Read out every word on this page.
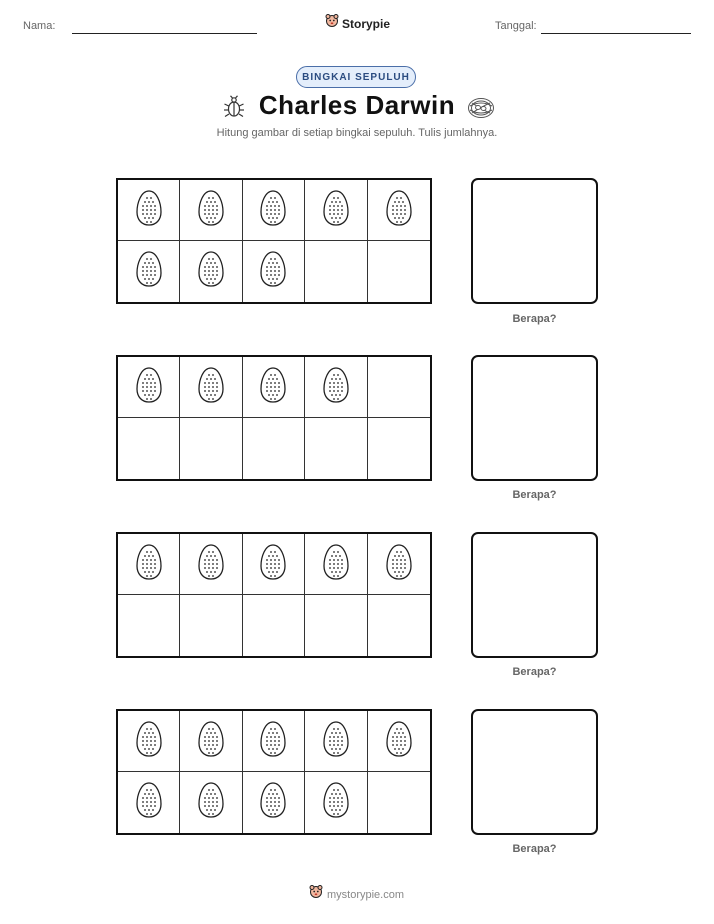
Nama:	Storypie	Tanggal:
BINGKAI SEPULUH
Charles Darwin
Hitung gambar di setiap bingkai sepuluh. Tulis jumlahnya.
Berapa?
Berapa?
Berapa?
Berapa?
mystorypie.com
